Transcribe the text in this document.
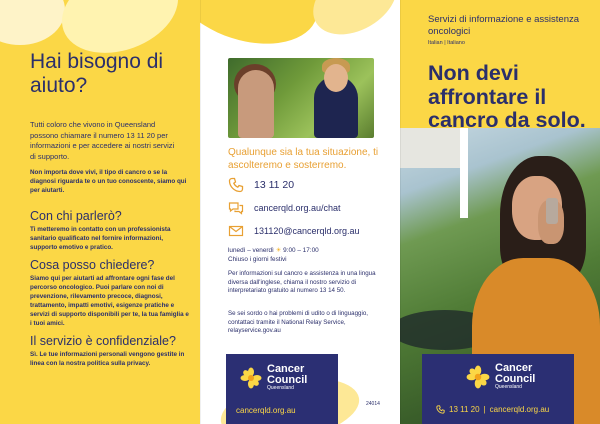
Hai bisogno di aiuto?

Tutti coloro che vivono in Queensland possono chiamare il numero 13 11 20 per informazioni e per accedere ai nostri servizi di supporto.

Non importa dove vivi, il tipo di cancro o se la diagnosi riguarda te o un tuo conoscente, siamo qui per aiutarti.

Con chi parlerò?

Ti metteremo in contatto con un professionista sanitario qualificato nel fornire informazioni, supporto emotivo e pratico.

Cosa posso chiedere?

Siamo qui per aiutarti ad affrontare ogni fase del percorso oncologico. Puoi parlare con noi di prevenzione, rilevamento precoce, diagnosi, trattamento, impatti emotivi, esigenze pratiche e servizi di supporto disponibili per te, la tua famiglia e i tuoi amici.

Il servizio è confidenziale?

Sì. Le tue informazioni personali vengono gestite in linea con la nostra politica sulla privacy.

Qualunque sia la tua situazione, ti ascolteremo e sosterremo.

13 11 20
cancerqld.org.au/chat
131120@cancerqld.org.au
lunedì – venerdì ☀ 9:00 – 17:00
Chiuso i giorni festivi

Per informazioni sul cancro e assistenza in una lingua diversa dall'inglese, chiama il nostro servizio di interpretariato gratuito al numero 13 14 50.

Se sei sordo o hai problemi di udito o di linguaggio, contattaci tramite il National Relay Service, relayservice.gov.au

Cancer
Council
Queensland
cancerqld.org.au
24014

Servizi di informazione e assistenza oncologici

Italian | Italiano

Non devi affrontare il cancro da solo.
Cancer
Council
Queensland
13 11 20 | cancerqld.org.au
